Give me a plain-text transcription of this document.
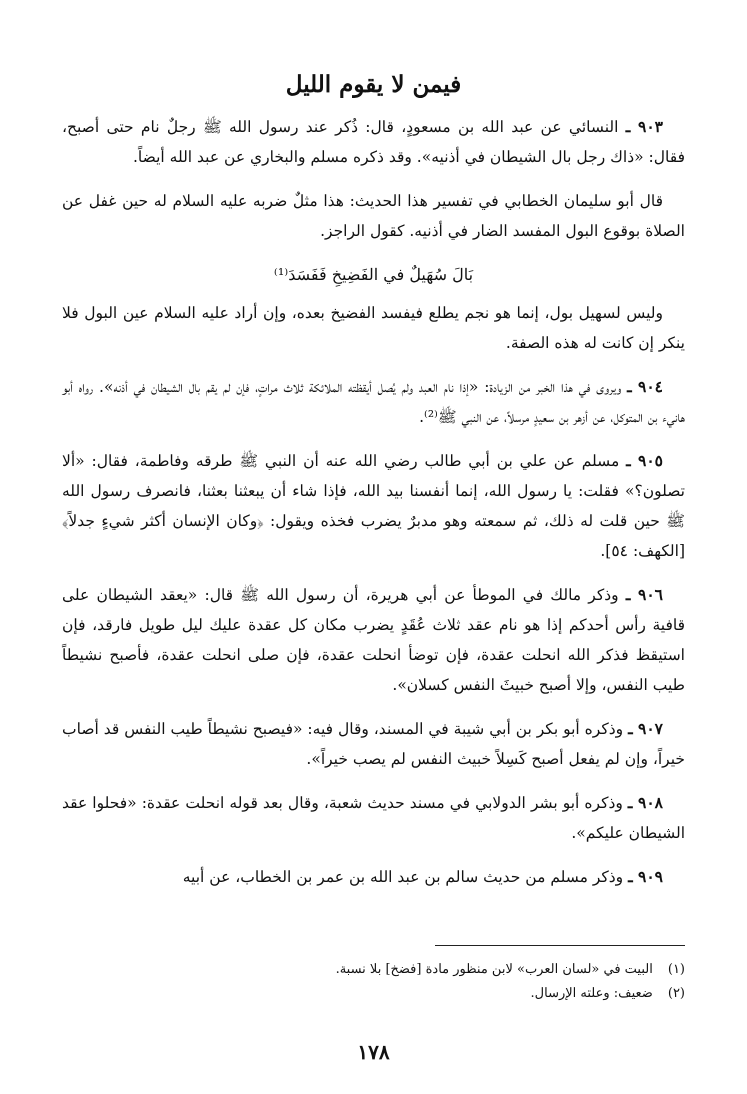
فيمن لا يقوم الليل

٩٠٣ ـ النسائي عن عبد الله بن مسعودٍ، قال: ذُكر عند رسول الله ﷺ رجلٌ نام حتى أصبح، فقال: «ذاك رجل بال الشيطان في أذنيه». وقد ذكره مسلم والبخاري عن عبد الله أيضاً.

قال أبو سليمان الخطابي في تفسير هذا الحديث: هذا مثلٌ ضربه عليه السلام له حين غفل عن الصلاة بوقوع البول المفسد الضار في أذنيه. كقول الراجز.

بَالَ سُهَيلٌ في الفَضِيخِ فَفَسَدَ⁽¹⁾

وليس لسهيل بول، إنما هو نجم يطلع فيفسد الفضيخ بعده، وإن أراد عليه السلام عين البول فلا ينكر إن كانت له هذه الصفة.

٩٠٤ ـ ويروى في هذا الخبر من الزيادة: «إذا نام العبد ولم يُصل أيقظته الملائكة ثلاث مراتٍ، فإن لم يقم بال الشيطان في أذنه». رواه أبو هانيء بن المتوكل، عن أزهر بن سعيدٍ مرسلاً، عن النبي ﷺ⁽²⁾.

٩٠٥ ـ مسلم عن علي بن أبي طالب رضي الله عنه أن النبي ﷺ طرقه وفاطمة، فقال: «ألا تصلون؟» فقلت: يا رسول الله، إنما أنفسنا بيد الله، فإذا شاء أن يبعثنا بعثنا، فانصرف رسول الله ﷺ حين قلت له ذلك، ثم سمعته وهو مدبرٌ يضرب فخذه ويقول: ﴿وكان الإنسان أكثر شيءٍ جدلاً﴾ [الكهف: ٥٤].

٩٠٦ ـ وذكر مالك في الموطأ عن أبي هريرة، أن رسول الله ﷺ قال: «يعقد الشيطان على قافية رأس أحدكم إذا هو نام عقد ثلاث عُقَدٍ يضرب مكان كل عقدة عليك ليل طويل فارقد، فإن استيقظ فذكر الله انحلت عقدة، فإن توضأ انحلت عقدة، فإن صلى انحلت عقدة، فأصبح نشيطاً طيب النفس، وإلا أصبح خبيثَ النفس كسلان».

٩٠٧ ـ وذكره أبو بكر بن أبي شيبة في المسند، وقال فيه: «فيصبح نشيطاً طيب النفس قد أصاب خيراً، وإن لم يفعل أصبح كَسِلاً خبيث النفس لم يصب خيراً».

٩٠٨ ـ وذكره أبو بشر الدولابي في مسند حديث شعبة، وقال بعد قوله انحلت عقدة: «فحلوا عقد الشيطان عليكم».

٩٠٩ ـ وذكر مسلم من حديث سالم بن عبد الله بن عمر بن الخطاب، عن أبيه

(١) البيت في «لسان العرب» لابن منظور مادة [فضخ] بلا نسبة.

(٢) ضعيف: وعلته الإرسال.

١٧٨
